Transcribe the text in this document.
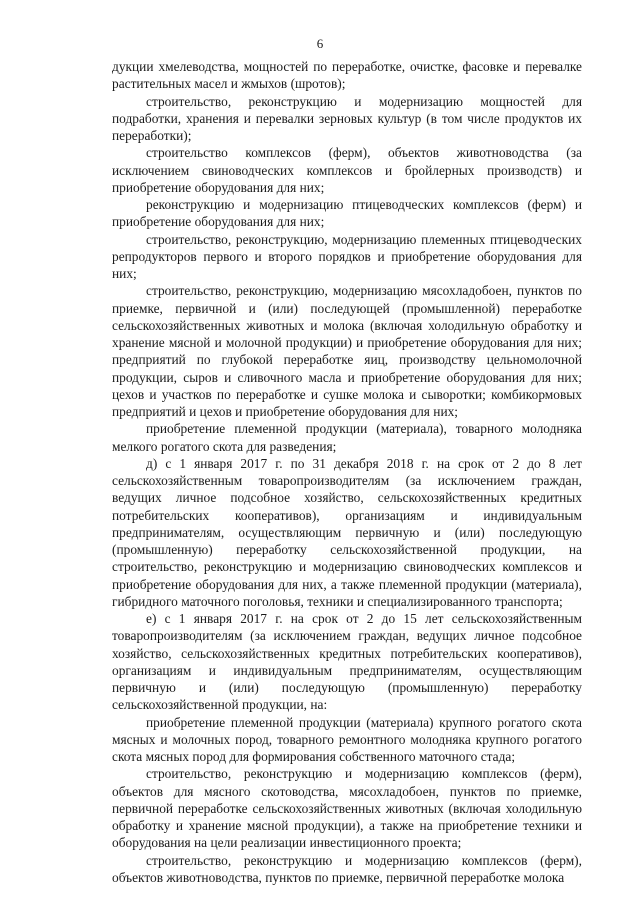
6

дукции хмелеводства, мощностей по переработке, очистке, фасовке и перевалке растительных масел и жмыхов (шротов);

строительство, реконструкцию и модернизацию мощностей для подработки, хранения и перевалки зерновых культур (в том числе продуктов их переработки);

строительство комплексов (ферм), объектов животноводства (за исключением свиноводческих комплексов и бройлерных производств) и приобретение оборудования для них;

реконструкцию и модернизацию птицеводческих комплексов (ферм) и приобретение оборудования для них;

строительство, реконструкцию, модернизацию племенных птицеводческих репродукторов первого и второго порядков и приобретение оборудования для них;

строительство, реконструкцию, модернизацию мясохладобоен, пунктов по приемке, первичной и (или) последующей (промышленной) переработке сельскохозяйственных животных и молока (включая холодильную обработку и хранение мясной и молочной продукции) и приобретение оборудования для них; предприятий по глубокой переработке яиц, производству цельномолочной продукции, сыров и сливочного масла и приобретение оборудования для них; цехов и участков по переработке и сушке молока и сыворотки; комбикормовых предприятий и цехов и приобретение оборудования для них;

приобретение племенной продукции (материала), товарного молодняка мелкого рогатого скота для разведения;

д) с 1 января 2017 г. по 31 декабря 2018 г. на срок от 2 до 8 лет сельскохозяйственным товаропроизводителям (за исключением граждан, ведущих личное подсобное хозяйство, сельскохозяйственных кредитных потребительских кооперативов), организациям и индивидуальным предпринимателям, осуществляющим первичную и (или) последующую (промышленную) переработку сельскохозяйственной продукции, на строительство, реконструкцию и модернизацию свиноводческих комплексов и приобретение оборудования для них, а также племенной продукции (материала), гибридного маточного поголовья, техники и специализированного транспорта;

е) с 1 января 2017 г. на срок от 2 до 15 лет сельскохозяйственным товаропроизводителям (за исключением граждан, ведущих личное подсобное хозяйство, сельскохозяйственных кредитных потребительских кооперативов), организациям и индивидуальным предпринимателям, осуществляющим первичную и (или) последующую (промышленную) переработку сельскохозяйственной продукции, на:

приобретение племенной продукции (материала) крупного рогатого скота мясных и молочных пород, товарного ремонтного молодняка крупного рогатого скота мясных пород для формирования собственного маточного стада;

строительство, реконструкцию и модернизацию комплексов (ферм), объектов для мясного скотоводства, мясохладобоен, пунктов по приемке, первичной переработке сельскохозяйственных животных (включая холодильную обработку и хранение мясной продукции), а также на приобретение техники и оборудования на цели реализации инвестиционного проекта;

строительство, реконструкцию и модернизацию комплексов (ферм), объектов животноводства, пунктов по приемке, первичной переработке молока
